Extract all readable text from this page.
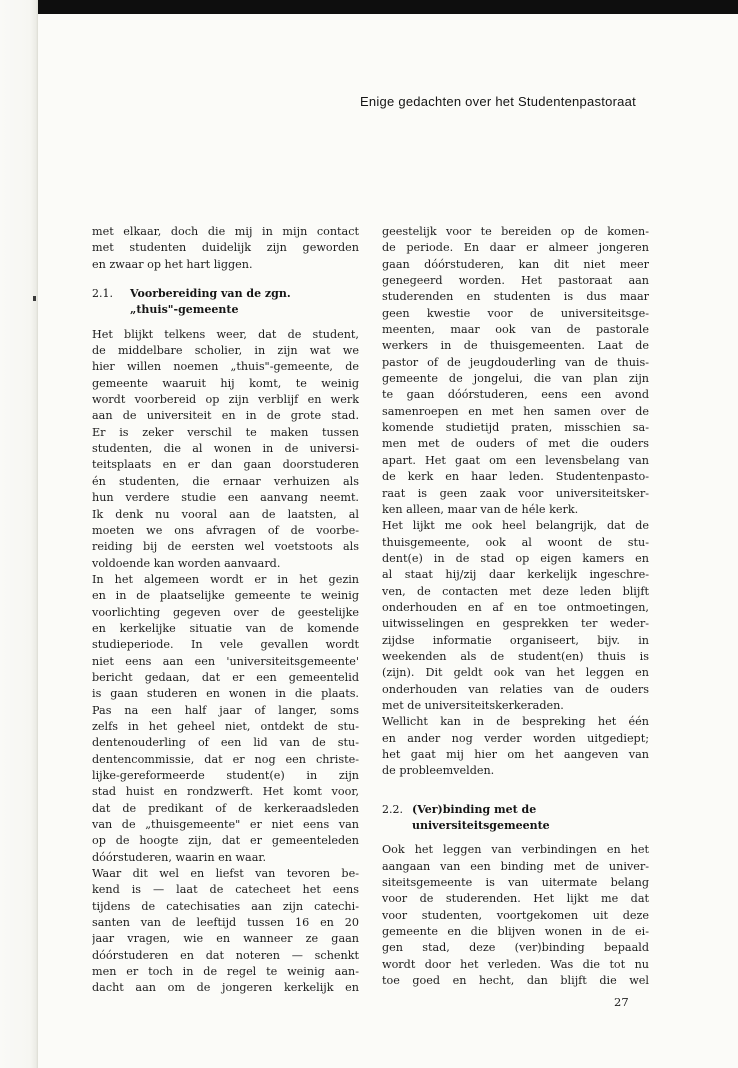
Enige gedachten over het Studentenpastoraat
met elkaar, doch die mij in mijn contact
met studenten duidelijk zijn geworden
en zwaar op het hart liggen.
2.1. Voorbereiding van de zgn.
„thuis"-gemeente
Het blijkt telkens weer, dat de student,
de middelbare scholier, in zijn wat we
hier willen noemen „thuis"-gemeente, de
gemeente waaruit hij komt, te weinig
wordt voorbereid op zijn verblijf en werk
aan de universiteit en in de grote stad.
Er is zeker verschil te maken tussen
studenten, die al wonen in de universi-
teitsplaats en er dan gaan doorstuderen
én studenten, die ernaar verhuizen als
hun verdere studie een aanvang neemt.
Ik denk nu vooral aan de laatsten, al
moeten we ons afvragen of de voorbe-
reiding bij de eersten wel voetstoots als
voldoende kan worden aanvaard.
In het algemeen wordt er in het gezin
en in de plaatselijke gemeente te weinig
voorlichting gegeven over de geestelijke
en kerkelijke situatie van de komende
studieperiode. In vele gevallen wordt
niet eens aan een 'universiteitsgemeente'
bericht gedaan, dat er een gemeentelid
is gaan studeren en wonen in die plaats.
Pas na een half jaar of langer, soms
zelfs in het geheel niet, ontdekt de stu-
dentenouderling of een lid van de stu-
dentencommissie, dat er nog een christe-
lijke-gereformeerde student(e) in zijn
stad huist en rondzwerft. Het komt voor,
dat de predikant of de kerkeraadsleden
van de „thuisgemeente" er niet eens van
op de hoogte zijn, dat er gemeenteleden
dóórstuderen, waarin en waar.
Waar dit wel en liefst van tevoren be-
kend is — laat de catecheet het eens
tijdens de catechisaties aan zijn catechi-
santen van de leeftijd tussen 16 en 20
jaar vragen, wie en wanneer ze gaan
dóórstuderen en dat noteren — schenkt
men er toch in de regel te weinig aan-
dacht aan om de jongeren kerkelijk en
geestelijk voor te bereiden op de komen-
de periode. En daar er almeer jongeren
gaan dóórstuderen, kan dit niet meer
genegeerd worden. Het pastoraat aan
studerenden en studenten is dus maar
geen kwestie voor de universiteitsge-
meenten, maar ook van de pastorale
werkers in de thuisgemeenten. Laat de
pastor of de jeugdouderling van de thuis-
gemeente de jongelui, die van plan zijn
te gaan dóórstuderen, eens een avond
samenroepen en met hen samen over de
komende studietijd praten, misschien sa-
men met de ouders of met die ouders
apart. Het gaat om een levensbelang van
de kerk en haar leden. Studentenpasto-
raat is geen zaak voor universiteitsker-
ken alleen, maar van de héle kerk.
Het lijkt me ook heel belangrijk, dat de
thuisgemeente, ook al woont de stu-
dent(e) in de stad op eigen kamers en
al staat hij/zij daar kerkelijk ingeschre-
ven, de contacten met deze leden blijft
onderhouden en af en toe ontmoetingen,
uitwisselingen en gesprekken ter weder-
zijdse informatie organiseert, bijv. in
weekenden als de student(en) thuis is
(zijn). Dit geldt ook van het leggen en
onderhouden van relaties van de ouders
met de universiteitskerkeraden.
Wellicht kan in de bespreking het één
en ander nog verder worden uitgediept;
het gaat mij hier om het aangeven van
de probleemvelden.
2.2. (Ver)binding met de
universiteitsgemeente
Ook het leggen van verbindingen en het
aangaan van een binding met de univer-
siteitsgemeente is van uitermate belang
voor de studerenden. Het lijkt me dat
voor studenten, voortgekomen uit deze
gemeente en die blijven wonen in de ei-
gen stad, deze (ver)binding bepaald
wordt door het verleden. Was die tot nu
toe goed en hecht, dan blijft die wel
27
